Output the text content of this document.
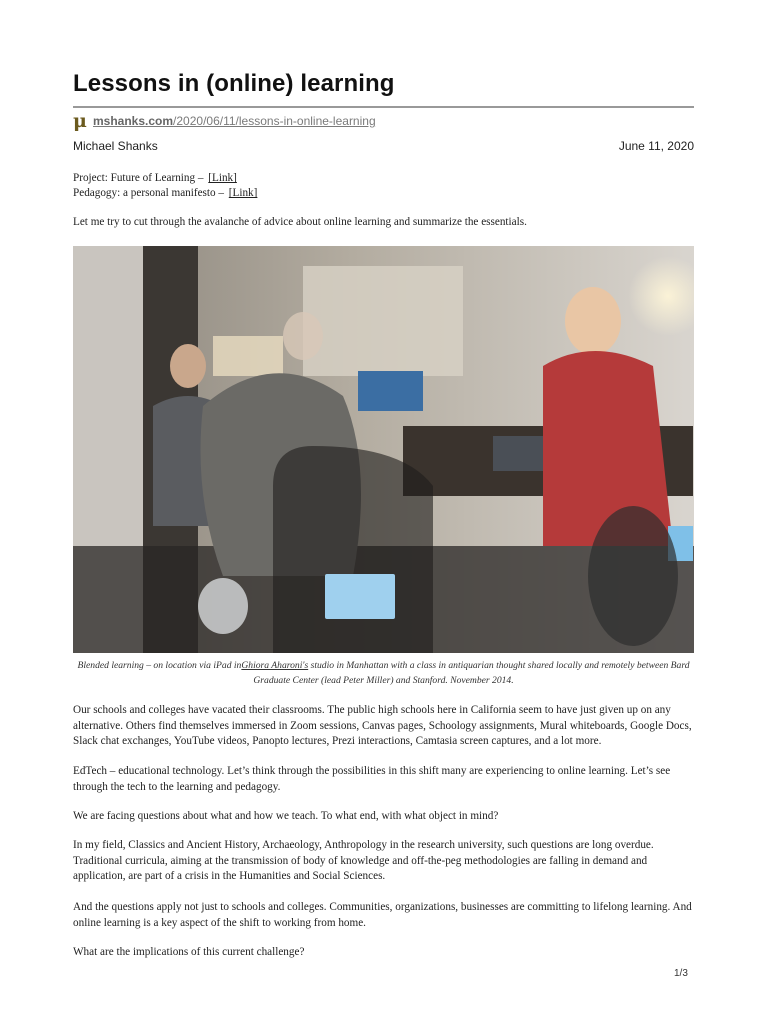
Lessons in (online) learning
μ mshanks.com/2020/06/11/lessons-in-online-learning
Michael Shanks	June 11, 2020
Project: Future of Learning – [Link]
Pedagogy: a personal manifesto – [Link]

Let me try to cut through the avalanche of advice about online learning and summarize the essentials.

Blended learning – on location via iPad inGhiora Aharoni's studio in Manhattan with a class in antiquarian thought shared locally and remotely between Bard Graduate Center (lead Peter Miller) and Stanford. November 2014.

Our schools and colleges have vacated their classrooms. The public high schools here in California seem to have just given up on any alternative. Others find themselves immersed in Zoom sessions, Canvas pages, Schoology assignments, Mural whiteboards, Google Docs, Slack chat exchanges, YouTube videos, Panopto lectures, Prezi interactions, Camtasia screen captures, and a lot more.

EdTech – educational technology. Let’s think through the possibilities in this shift many are experiencing to online learning. Let’s see through the tech to the learning and pedagogy.

We are facing questions about what and how we teach. To what end, with what object in mind?

In my field, Classics and Ancient History, Archaeology, Anthropology in the research university, such questions are long overdue. Traditional curricula, aiming at the transmission of body of knowledge and off-the-peg methodologies are falling in demand and application, are part of a crisis in the Humanities and Social Sciences.

And the questions apply not just to schools and colleges. Communities, organizations, businesses are committing to lifelong learning. And online learning is a key aspect of the shift to working from home.

What are the implications of this current challenge?

1/3
